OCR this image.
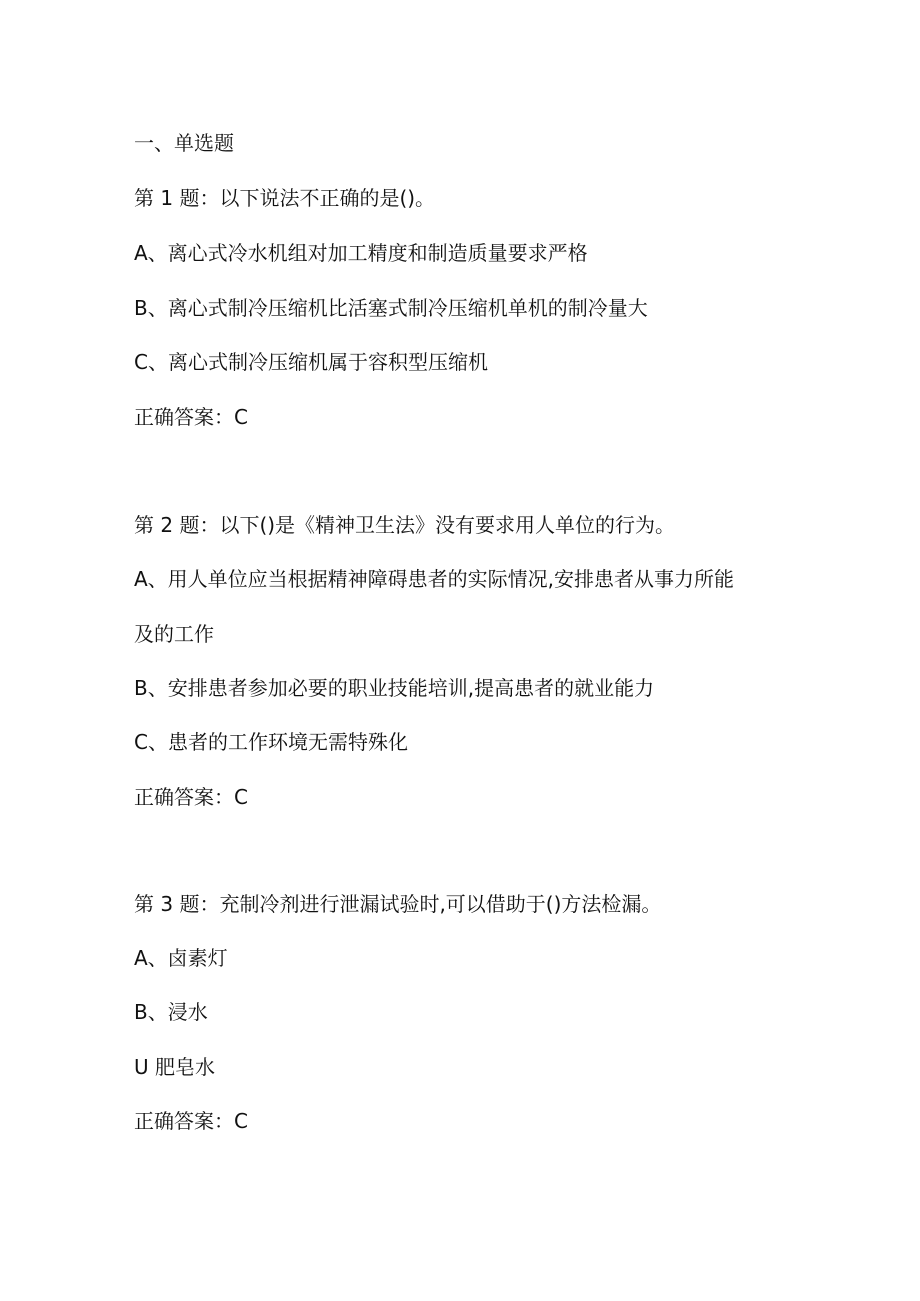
一、单选题
第 1 题：以下说法不正确的是()。
A、离心式冷水机组对加工精度和制造质量要求严格
B、离心式制冷压缩机比活塞式制冷压缩机单机的制冷量大
C、离心式制冷压缩机属于容积型压缩机
正确答案：C
第 2 题：以下()是《精神卫生法》没有要求用人单位的行为。
A、用人单位应当根据精神障碍患者的实际情况,安排患者从事力所能
及的工作
B、安排患者参加必要的职业技能培训,提高患者的就业能力
C、患者的工作环境无需特殊化
正确答案：C
第 3 题：充制冷剂进行泄漏试验时,可以借助于()方法检漏。
A、卤素灯
B、浸水
U 肥皂水
正确答案：C
